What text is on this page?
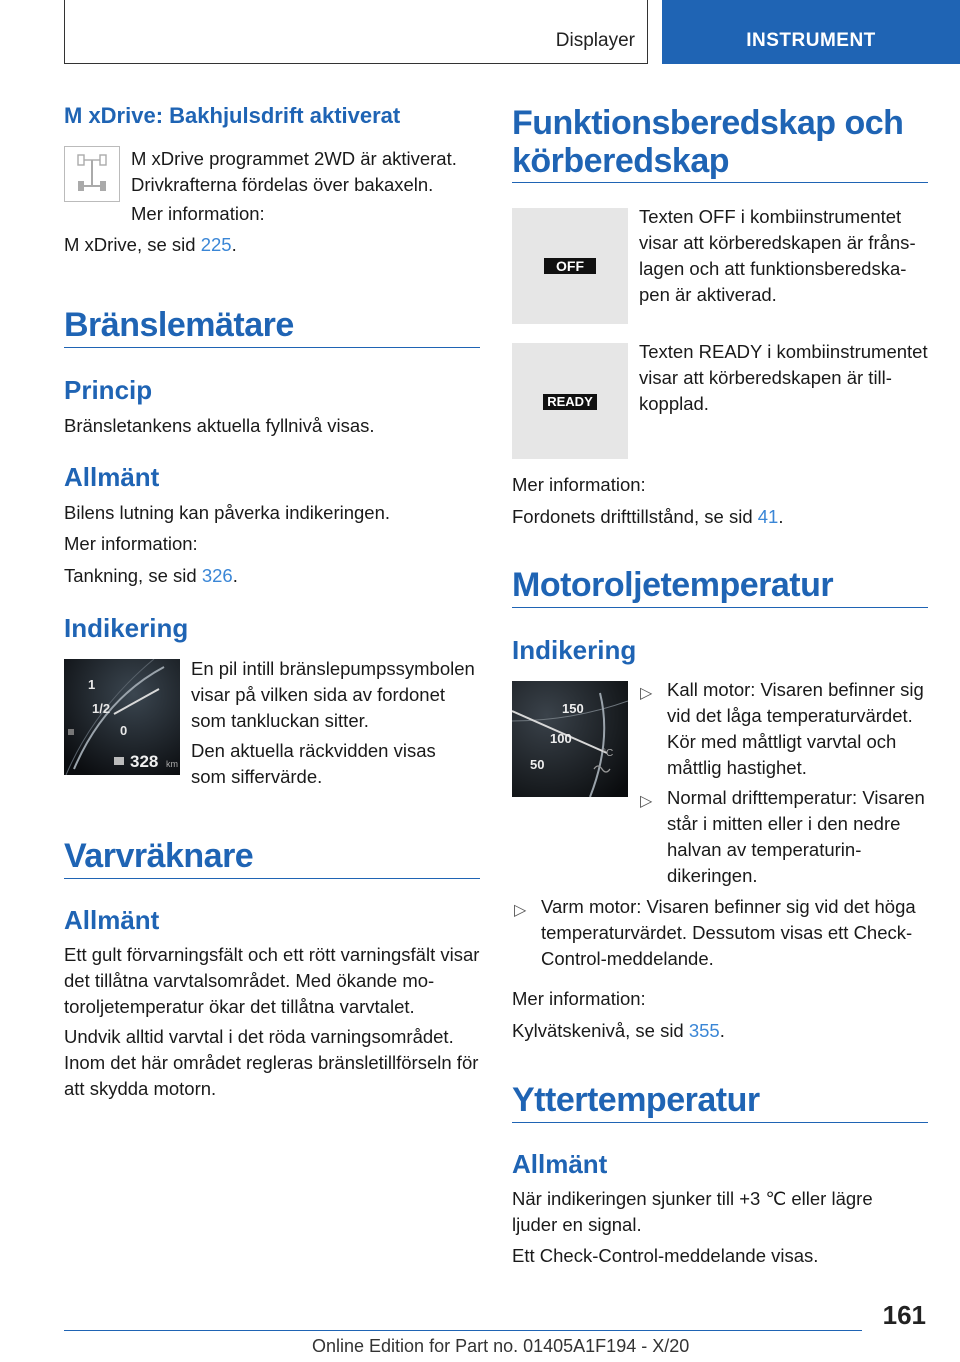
Displayer	INSTRUMENT
M xDrive: Bakhjulsdrift aktiverat

M xDrive programmet 2WD är aktiverat. Drivkrafterna fördelas över bakaxeln.

Mer information:

M xDrive, se sid 225.

Bränslemätare
Princip

Bränsletankens aktuella fyllnivå visas.

Allmänt

Bilens lutning kan påverka indikeringen.

Mer information:

Tankning, se sid 326.

Indikering
1
1/2
0
328 km

En pil intill bränslepumpssymbolen visar på vilken sida av fordonet som tankluckan sitter.

Den aktuella räckvidden visas som siffervärde.

Varvräknare
Allmänt

Ett gult förvarningsfält och ett rött varningsfält visar det tillåtna varvtalsområdet. Med ökande motoroljetemperatur ökar det tillåtna varvtalet.

Undvik alltid varvtal i det röda varningsområdet. Inom det här området regleras bränsletillförseln för att skydda motorn.

Funktionsberedskap och körberedskap
OFF

Texten OFF i kombiinstrumentet visar att körberedskapen är frånslagen och att funktionsberedskapen är aktiverad.

READY

Texten READY i kombiinstrumentet visar att körberedskapen är tillkopplad.

Mer information:

Fordonets drifttillstånd, se sid 41.

Motoroljetemperatur
Indikering
150
100
50
°C
▷ Kall motor: Visaren befinner sig vid det låga temperaturvärdet. Kör med måttligt varvtal och måttlig hastighet.

▷ Normal drifttemperatur: Visaren står i mitten eller i den nedre halvan av temperaturindikeringen.

▷ Varm motor: Visaren befinner sig vid det höga temperaturvärdet. Dessutom visas ett Check-Control-meddelande.

Mer information:

Kylvätskenivå, se sid 355.

Yttertemperatur
Allmänt

När indikeringen sjunker till +3 ℃ eller lägre ljuder en signal.

Ett Check-Control-meddelande visas.

161
Online Edition for Part no. 01405A1F194 - X/20
